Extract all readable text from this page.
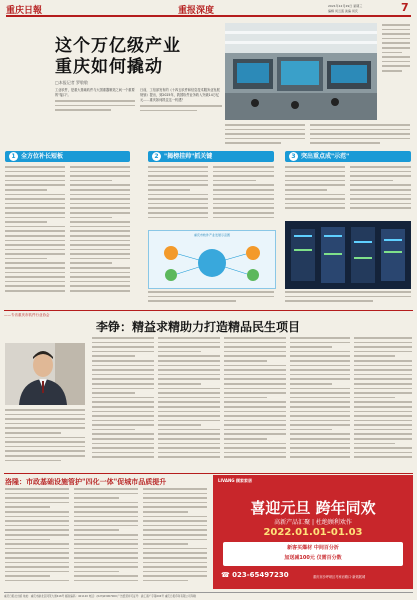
重庆日報	重报深度	2021年12月29日 星期三
编辑 何云莲 美编 何庆	7
这个万亿级产业
重庆如何撬动
□本报记者 罗敬敬
工业软件，是重大基础软件与大国重器制造之间一个重要的"接口"。
日前，工信部发布的《十四五软件和信息技术服务业发展规划》提出，到2025年，我国软件业务收入突破14万亿元……重庆如何抓住这一机遇？
1 全方位补长短板	2 "揭榜挂帅"抓关键	3 突出重点成"示范"
重庆市软件产业发展示意图
——专访重庆市软件行业协会
李铮：精益求精助力打造精品民生项目
洛隆：市政基础设施管护"四化一体"促城市品质提升	LIVANG 顾家家居
喜迎元旦 跨年同欢
高新产品汇聚 | 杜绝顾利欢作
2022.01.01-01.03
新客买爆材 中间百分折
加送减100元 仅需百分数
☎ 023-65497230	重庆市沙坪坝区马家岩路口·新郊展城
重庆日报社出版 地址：重庆市渝北区同茂大道416号 邮政编码：401120 电话：(023)63907000 广告经营许可证号：渝工商广字第004号 重庆日报印务有限公司印刷
